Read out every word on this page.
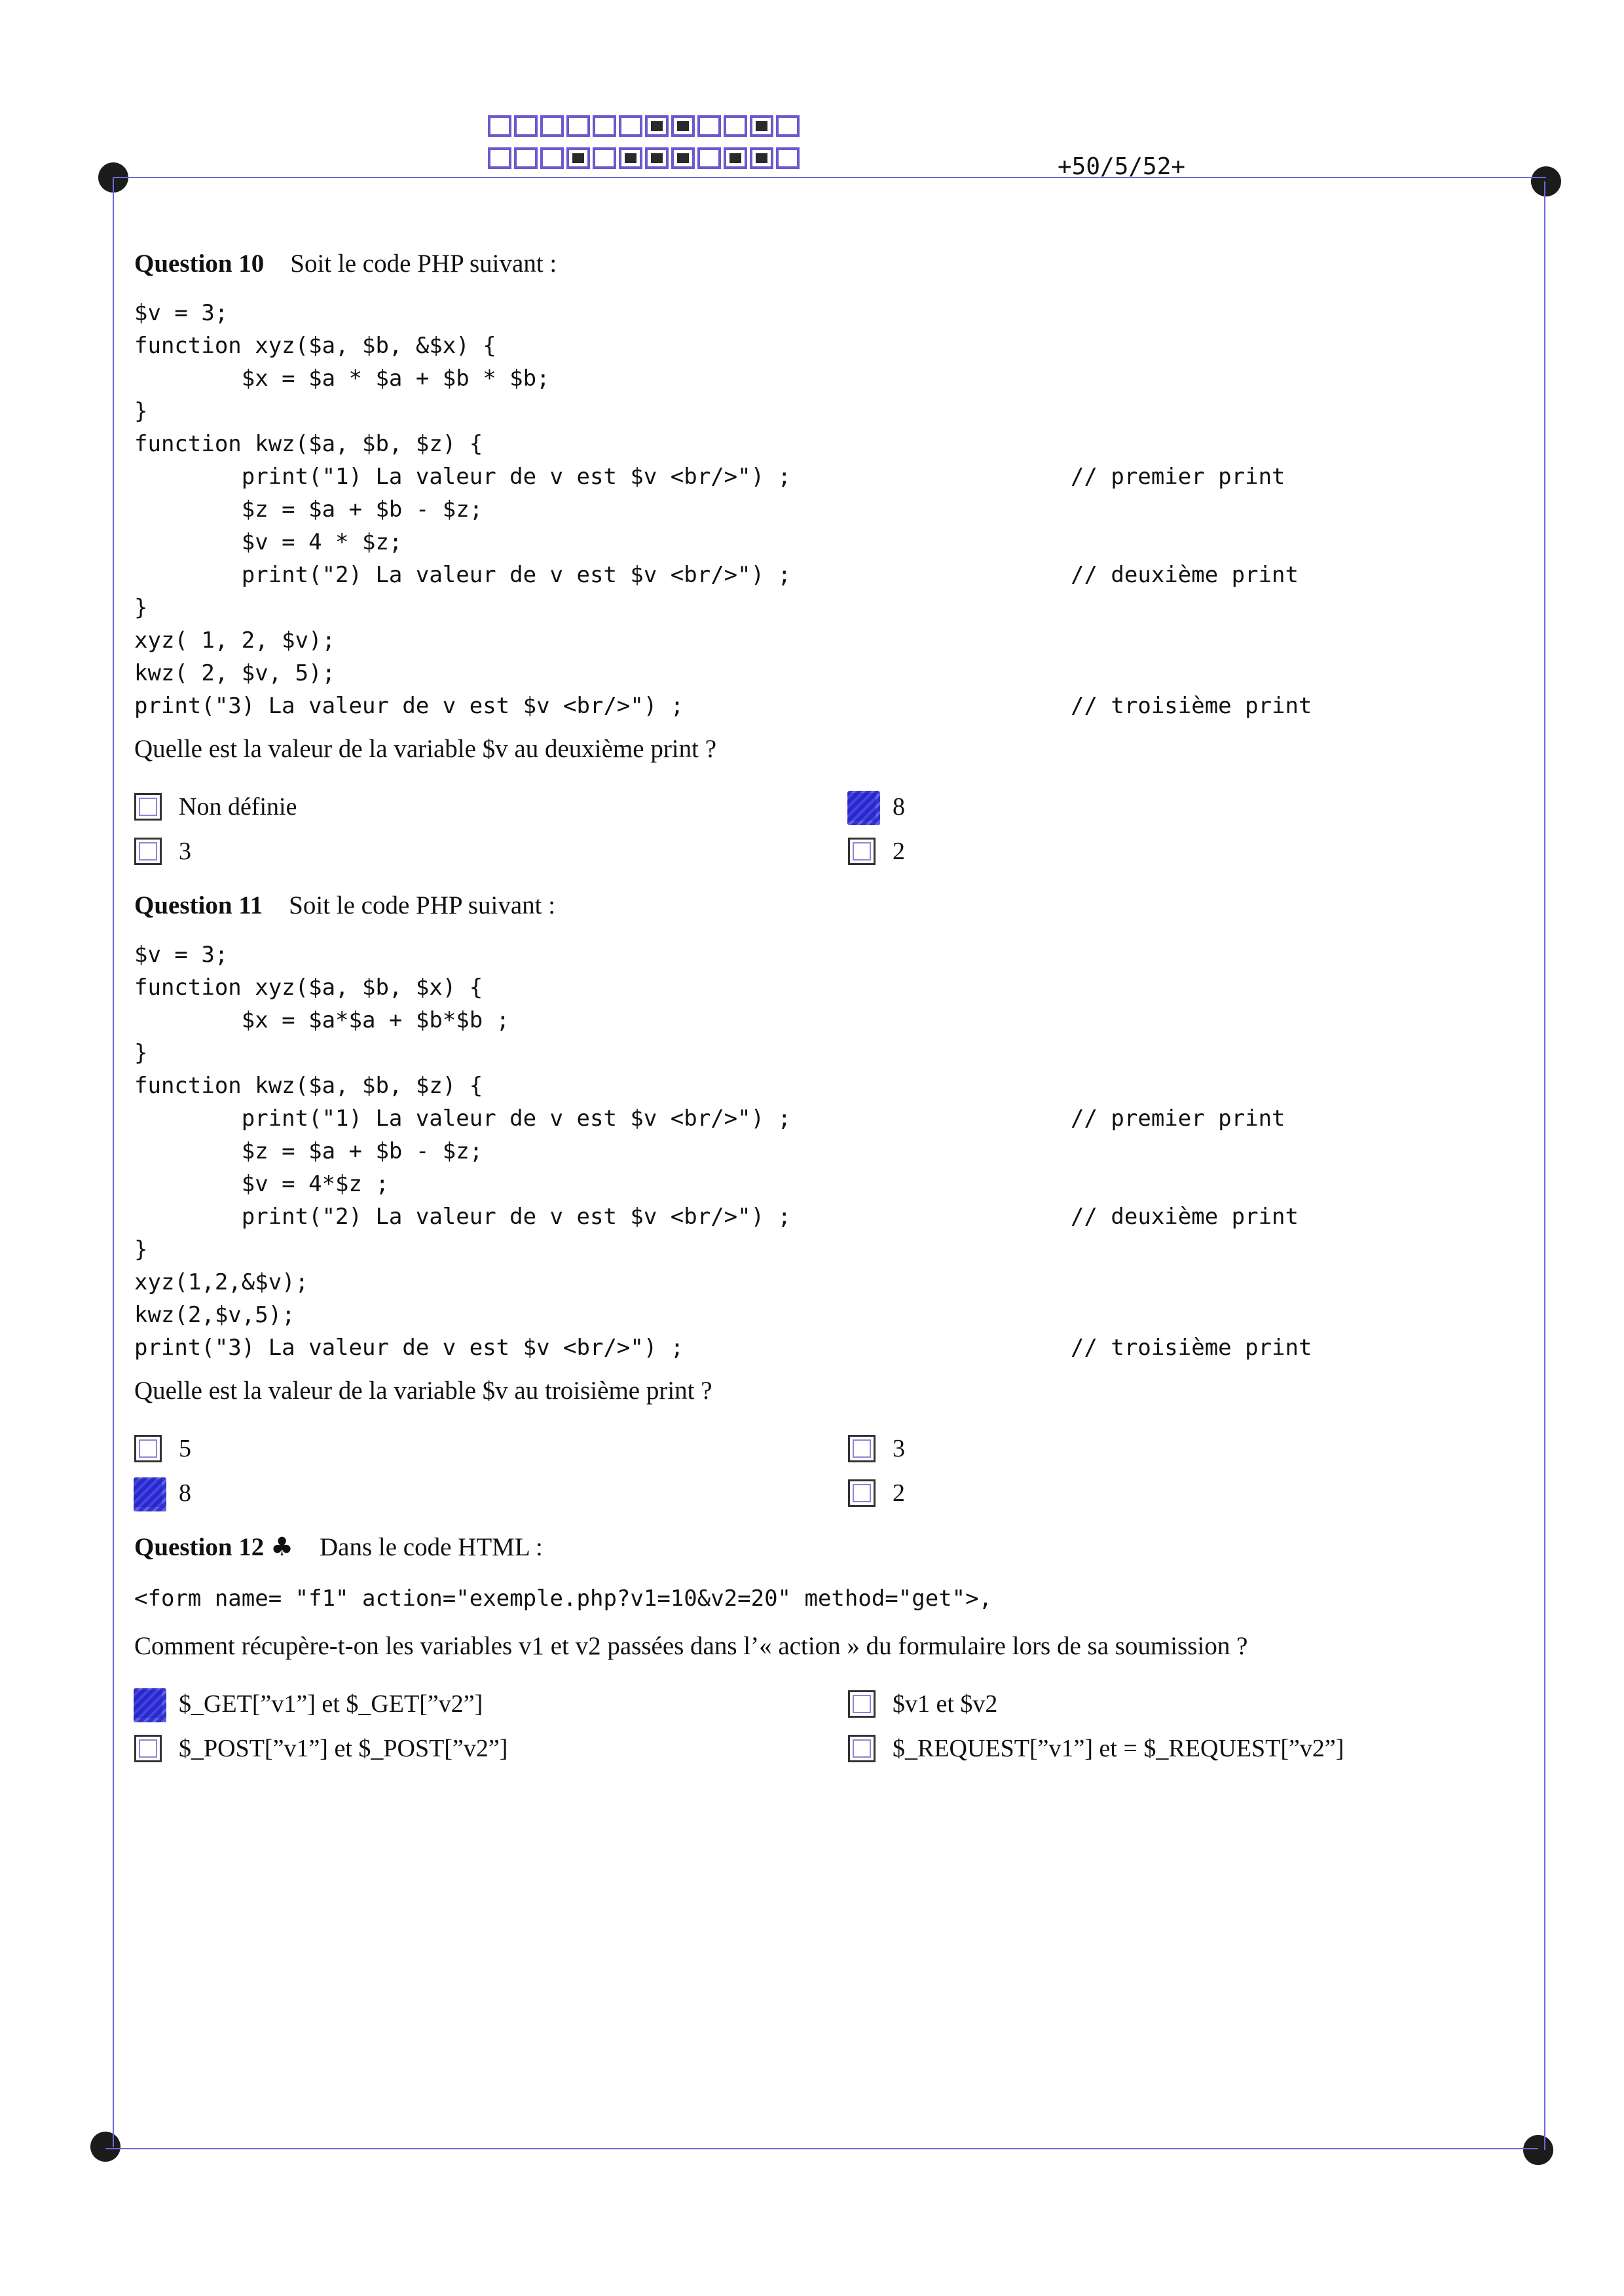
+50/5/52+
Question 10 Soit le code PHP suivant :
$v = 3;
function xyz($a, $b, &$x) {
$x = $a * $a + $b * $b;
}
function kwz($a, $b, $z) {
print("1) La valeur de v est $v <br/>") ;	// premier print
$z = $a + $b - $z;
$v = 4 * $z;
print("2) La valeur de v est $v <br/>") ;	// deuxième print
}
xyz( 1, 2, $v);
kwz( 2, $v, 5);
print("3) La valeur de v est $v <br/>") ;	// troisième print
Quelle est la valeur de la variable $v au deuxième print ?
Non définie	8
3	2
Question 11 Soit le code PHP suivant :
$v = 3;
function xyz($a, $b, $x) {
$x = $a*$a + $b*$b ;
}
function kwz($a, $b, $z) {
print("1) La valeur de v est $v <br/>") ;	// premier print
$z = $a + $b - $z;
$v = 4*$z ;
print("2) La valeur de v est $v <br/>") ;	// deuxième print
}
xyz(1,2,&$v);
kwz(2,$v,5);
print("3) La valeur de v est $v <br/>") ;	// troisième print
Quelle est la valeur de la variable $v au troisième print ?
5	3
8	2
Question 12 ♣ Dans le code HTML :
<form name= "f1" action="exemple.php?v1=10&v2=20" method="get">,
Comment récupère-t-on les variables v1 et v2 passées dans l’« action » du formulaire lors de sa soumission ?
$_GET[”v1”] et $_GET[”v2”]	$v1 et $v2
$_POST[”v1”] et $_POST[”v2”]	$_REQUEST[”v1”] et = $_REQUEST[”v2”]
